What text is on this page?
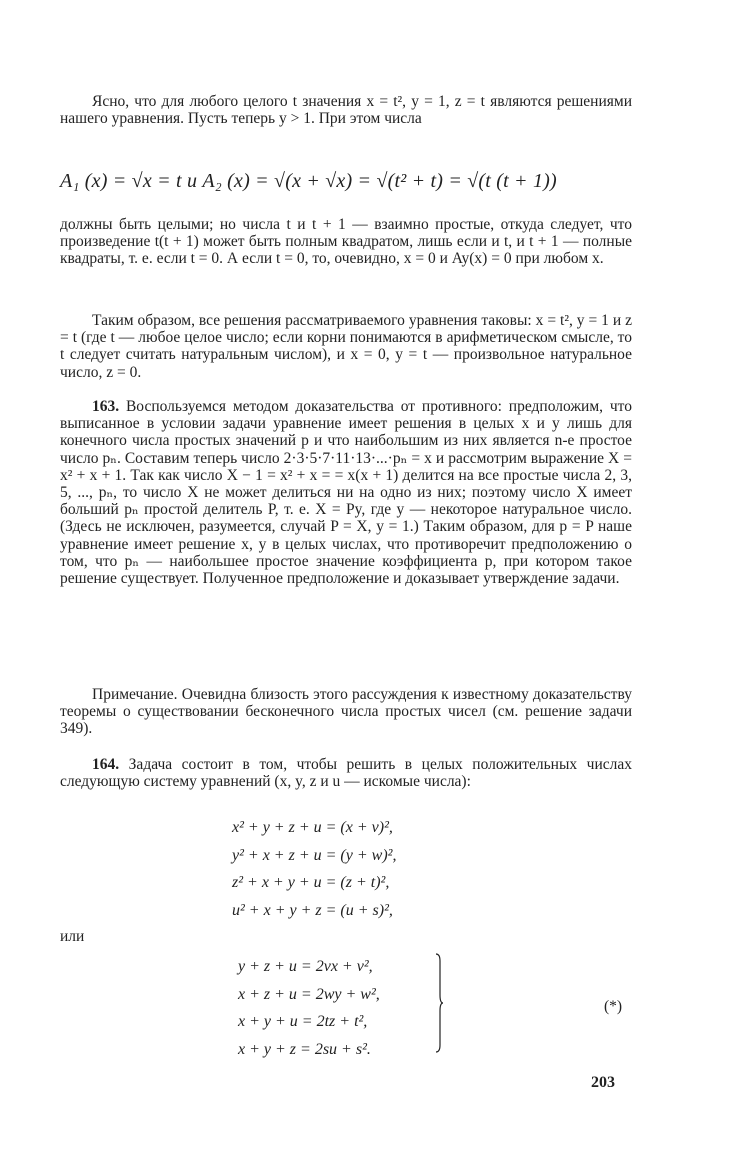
Ясно, что для любого целого t значения x = t², y = 1, z = t являются решениями нашего уравнения. Пусть теперь y > 1. При этом числа

A₁ (x) = √x = t и A₂ (x) = √(x + √x) = √(t² + t) = √(t (t + 1))

должны быть целыми; но числа t и t + 1 — взаимно простые, откуда следует, что произведение t(t + 1) может быть полным квадратом, лишь если и t, и t + 1 — полные квадраты, т. е. если t = 0. А если t = 0, то, очевидно, x = 0 и Ay(x) = 0 при любом x.

Таким образом, все решения рассматриваемого уравнения таковы: x = t², y = 1 и z = t (где t — любое целое число; если корни понимаются в арифметическом смысле, то t следует считать натуральным числом), и x = 0, y = t — произвольное натуральное число, z = 0.

163. Воспользуемся методом доказательства от противного: предположим, что выписанное в условии задачи уравнение имеет решения в целых x и y лишь для конечного числа простых значений p и что наибольшим из них является n-е простое число pₙ. Составим теперь число 2·3·5·7·11·13·...·pₙ = x и рассмотрим выражение X = x² + x + 1. Так как число X − 1 = x² + x = = x(x + 1) делится на все простые числа 2, 3, 5, ..., pₙ, то число X не может делиться ни на одно из них; поэтому число X имеет больший pₙ простой делитель P, т. е. X = Py, где y — некоторое натуральное число. (Здесь не исключен, разумеется, случай P = X, y = 1.) Таким образом, для p = P наше уравнение имеет решение x, y в целых числах, что противоречит предположению о том, что pₙ — наибольшее простое значение коэффициента p, при котором такое решение существует. Полученное предположение и доказывает утверждение задачи.

Примечание. Очевидна близость этого рассуждения к известному доказательству теоремы о существовании бесконечного числа простых чисел (см. решение задачи 349).

164. Задача состоит в том, чтобы решить в целых положительных числах следующую систему уравнений (x, y, z и u — искомые числа):

x² + y + z + u = (x + v)²,
y² + x + z + u = (y + w)²,
z² + x + y + u = (z + t)²,
u² + x + y + z = (u + s)²,
или
y + z + u = 2vx + v²,
x + z + u = 2wy + w²,
x + y + u = 2tz + t²,
x + y + z = 2su + s².
(*)
203
